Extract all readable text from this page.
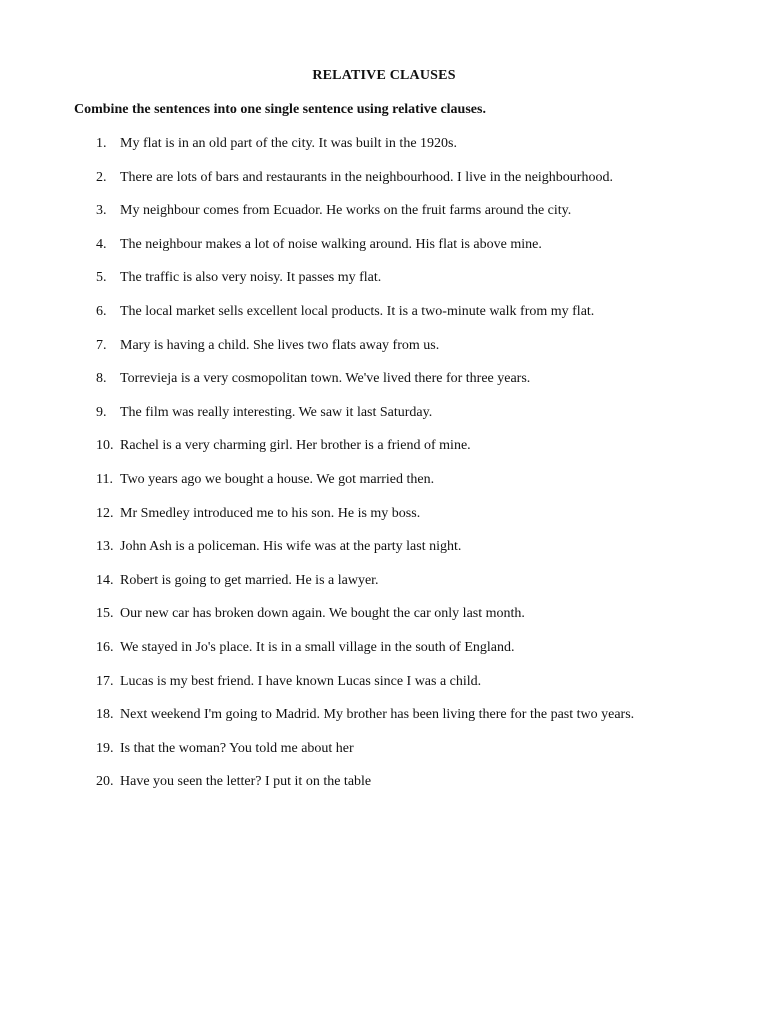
RELATIVE CLAUSES

Combine the sentences into one single sentence using relative clauses.

1. My flat is in an old part of the city. It was built in the 1920s.
2. There are lots of bars and restaurants in the neighbourhood. I live in the neighbourhood.
3. My neighbour comes from Ecuador. He works on the fruit farms around the city.
4. The neighbour makes a lot of noise walking around. His flat is above mine.
5. The traffic is also very noisy. It passes my flat.
6. The local market sells excellent local products. It is a two-minute walk from my flat.
7. Mary is having a child. She lives two flats away from us.
8. Torrevieja is a very cosmopolitan town. We've lived there for three years.
9. The film was really interesting. We saw it last Saturday.
10. Rachel is a very charming girl. Her brother is a friend of mine.
11. Two years ago we bought a house. We got married then.
12. Mr Smedley introduced me to his son. He is my boss.
13. John Ash is a policeman. His wife was at the party last night.
14. Robert is going to get married. He is a lawyer.
15. Our new car has broken down again. We bought the car only last month.
16. We stayed in Jo's place. It is in a small village in the south of England.
17. Lucas is my best friend. I have known Lucas since I was a child.
18. Next weekend I'm going to Madrid. My brother has been living there for the past two years.
19. Is that the woman? You told me about her
20. Have you seen the letter? I put it on the table
